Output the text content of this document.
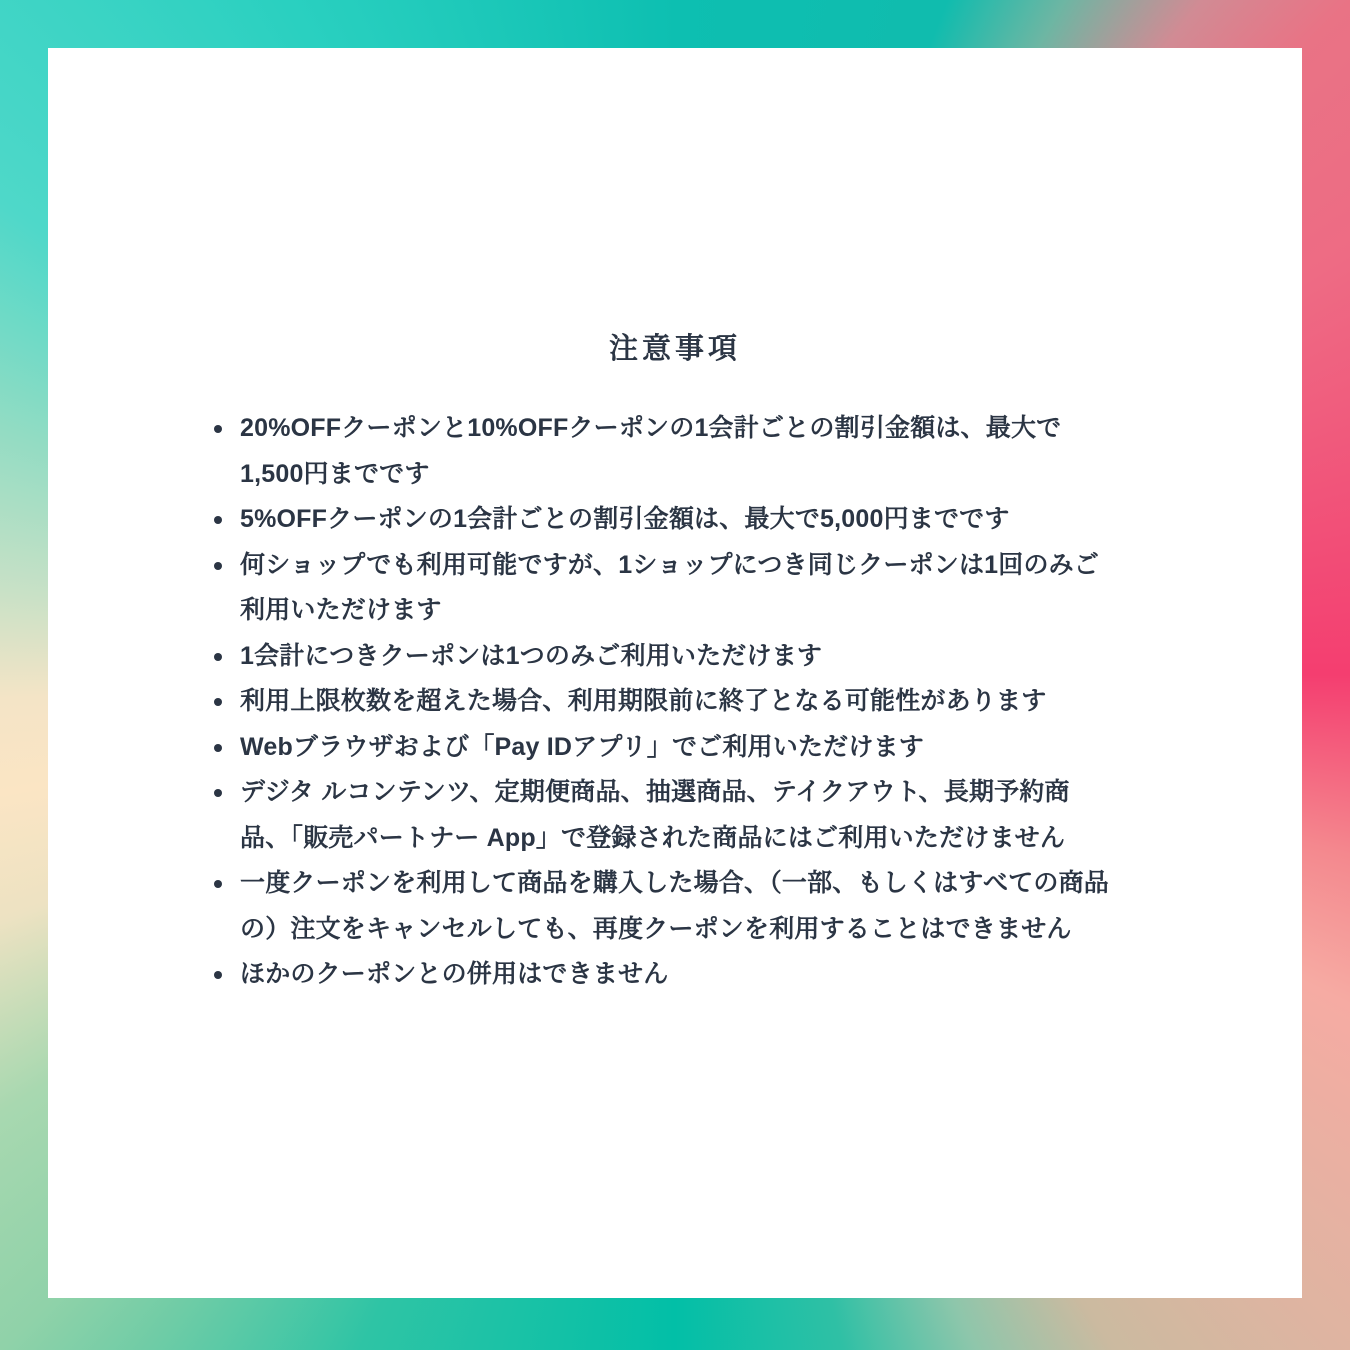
注意事項
20%OFFクーポンと10%OFFクーポンの1会計ごとの割引金額は、最大で1,500円までです
5%OFFクーポンの1会計ごとの割引金額は、最大で5,000円までです
何ショップでも利用可能ですが、1ショップにつき同じクーポンは1回のみご利用いただけます
1会計につきクーポンは1つのみご利用いただけます
利用上限枚数を超えた場合、利用期限前に終了となる可能性があります
Webブラウザおよび「Pay IDアプリ」でご利用いただけます
デジタ ルコンテンツ、定期便商品、抽選商品、テイクアウト、長期予約商品、「販売パートナー App」で登録された商品にはご利用いただけません
一度クーポンを利用して商品を購入した場合、（一部、もしくはすべての商品の）注文をキャンセルしても、再度クーポンを利用することはできません
ほかのクーポンとの併用はできません
